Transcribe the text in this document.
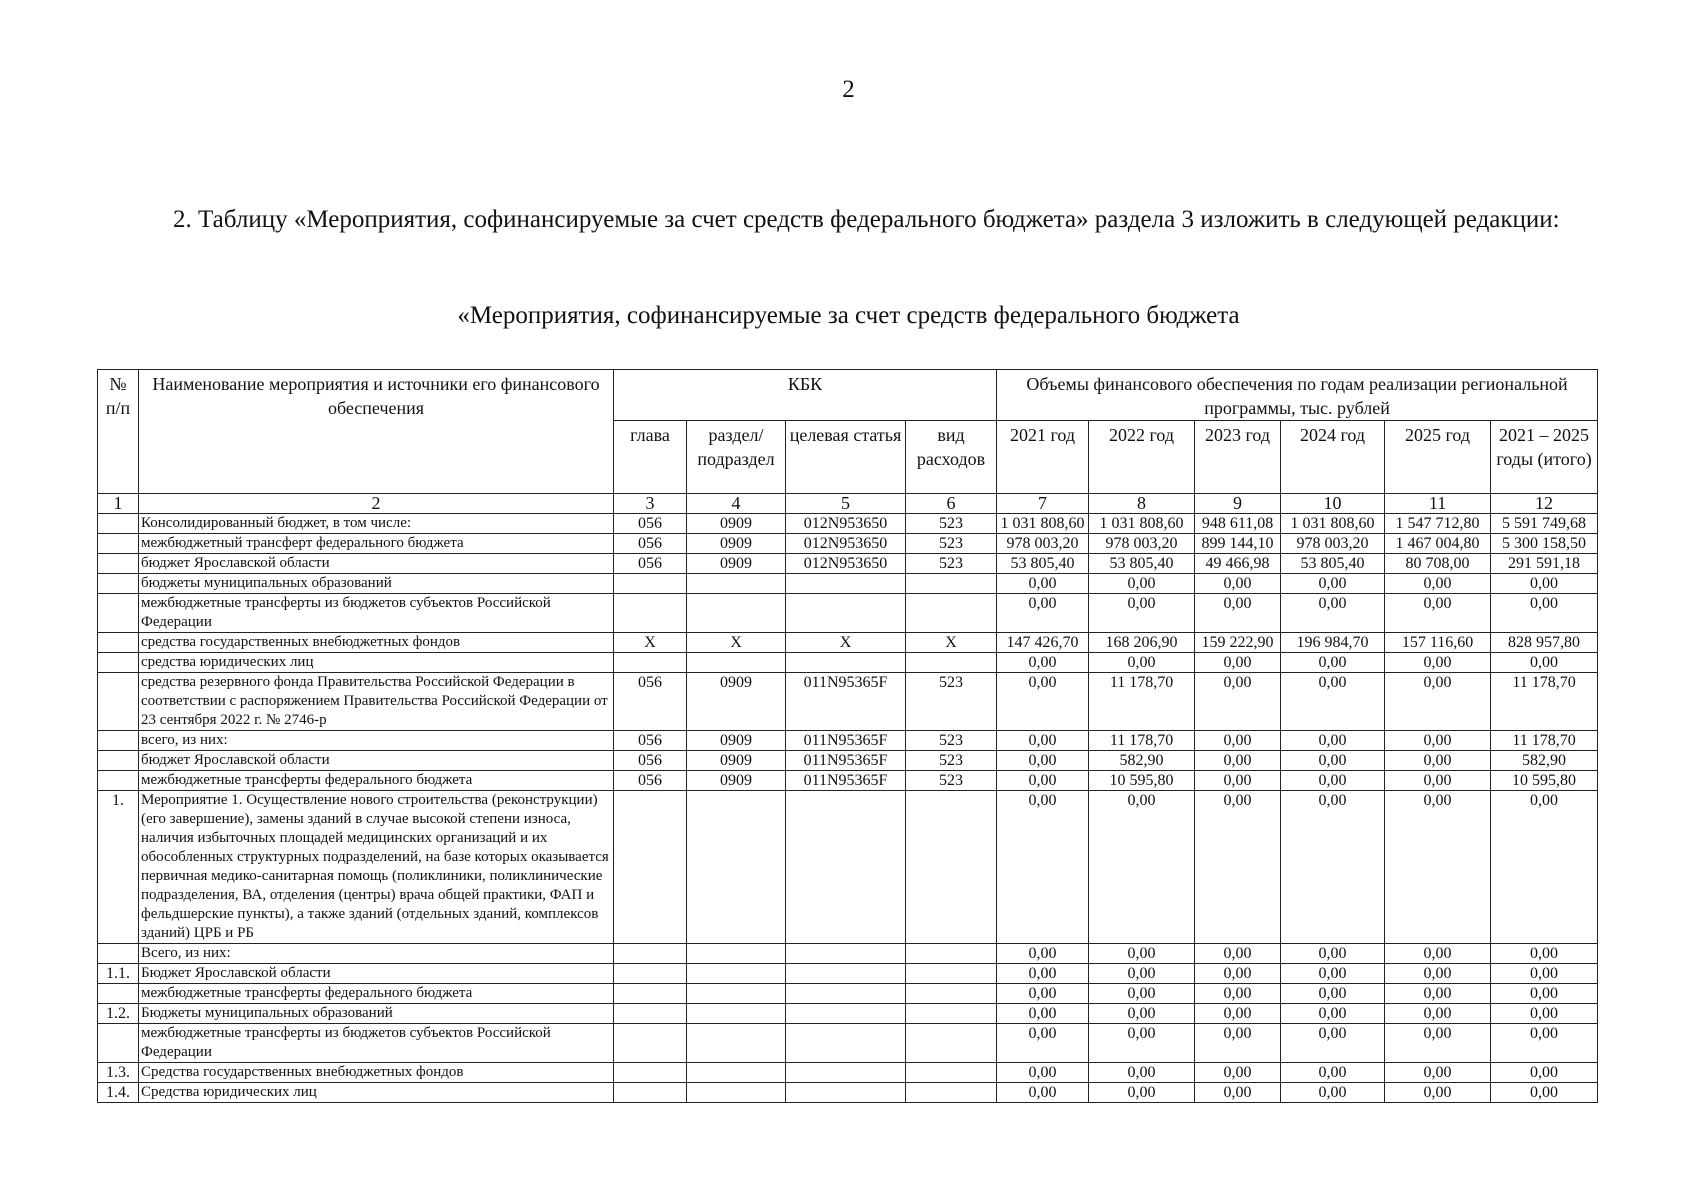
2
2. Таблицу «Мероприятия, софинансируемые за счет средств федерального бюджета» раздела 3 изложить в следующей редакции:
«Мероприятия, софинансируемые за счет средств федерального бюджета
№ п/п	Наименование мероприятия и источники его финансового обеспечения	КБК				Объемы финансового обеспечения по годам реализации региональной программы, тыс. рублей					
		глава	раздел/ подраздел	целевая статья	вид расходов	2021 год	2022 год	2023 год	2024 год	2025 год	2021 – 2025 годы (итого)
1	2	3	4	5	6	7	8	9	10	11	12
	Консолидированный бюджет, в том числе:	056	0909	012N953650	523	1 031 808,60	1 031 808,60	948 611,08	1 031 808,60	1 547 712,80	5 591 749,68
	межбюджетный трансферт федерального бюджета	056	0909	012N953650	523	978 003,20	978 003,20	899 144,10	978 003,20	1 467 004,80	5 300 158,50
	бюджет Ярославской области	056	0909	012N953650	523	53 805,40	53 805,40	49 466,98	53 805,40	80 708,00	291 591,18
	бюджеты муниципальных образований					0,00	0,00	0,00	0,00	0,00	0,00
	межбюджетные трансферты из бюджетов субъектов Российской Федерации					0,00	0,00	0,00	0,00	0,00	0,00
	средства государственных внебюджетных фондов	Х	Х	Х	Х	147 426,70	168 206,90	159 222,90	196 984,70	157 116,60	828 957,80
	средства юридических лиц					0,00	0,00	0,00	0,00	0,00	0,00
	средства резервного фонда Правительства Российской Федерации в соответствии с распоряжением Правительства Российской Федерации от 23 сентября 2022 г. № 2746-р	056	0909	011N95365F	523	0,00	11 178,70	0,00	0,00	0,00	11 178,70
	всего, из них:	056	0909	011N95365F	523	0,00	11 178,70	0,00	0,00	0,00	11 178,70
	бюджет Ярославской области	056	0909	011N95365F	523	0,00	582,90	0,00	0,00	0,00	582,90
	межбюджетные трансферты федерального бюджета	056	0909	011N95365F	523	0,00	10 595,80	0,00	0,00	0,00	10 595,80
1.	Мероприятие 1. Осуществление нового строительства (реконструкции) (его завершение), замены зданий в случае высокой степени износа, наличия избыточных площадей медицинских организаций и их обособленных структурных подразделений, на базе которых оказывается первичная медико-санитарная помощь (поликлиники, поликлинические подразделения, ВА, отделения (центры) врача общей практики, ФАП и фельдшерские пункты), а также зданий (отдельных зданий, комплексов зданий) ЦРБ и РБ					0,00	0,00	0,00	0,00	0,00	0,00
	Всего, из них:					0,00	0,00	0,00	0,00	0,00	0,00
1.1.	Бюджет Ярославской области					0,00	0,00	0,00	0,00	0,00	0,00
	межбюджетные трансферты федерального бюджета					0,00	0,00	0,00	0,00	0,00	0,00
1.2.	Бюджеты муниципальных образований					0,00	0,00	0,00	0,00	0,00	0,00
	межбюджетные трансферты из бюджетов субъектов Российской Федерации					0,00	0,00	0,00	0,00	0,00	0,00
1.3.	Средства государственных внебюджетных фондов					0,00	0,00	0,00	0,00	0,00	0,00
1.4.	Средства юридических лиц					0,00	0,00	0,00	0,00	0,00	0,00
